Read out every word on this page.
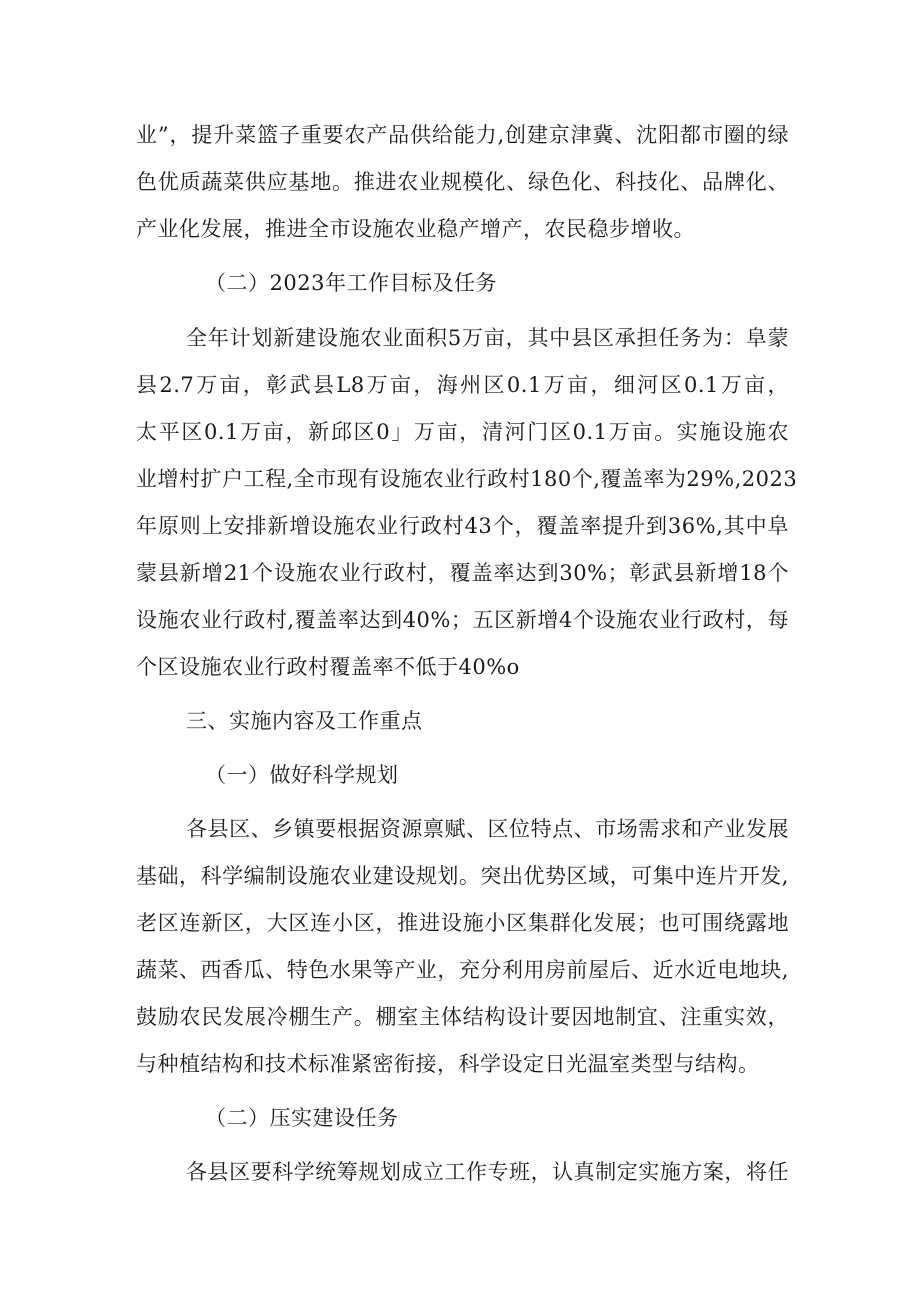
业”，提升菜篮子重要农产品供给能力,创建京津冀、沈阳都市圈的绿
色优质蔬菜供应基地。推进农业规模化、绿色化、科技化、品牌化、
产业化发展，推进全市设施农业稳产增产，农民稳步增收。
（二）2023年工作目标及任务
全年计划新建设施农业面积5万亩，其中县区承担任务为：阜蒙
县2.7万亩，彰武县L8万亩，海州区0.1万亩，细河区0.1万亩，
太平区0.1万亩，新邱区0」万亩，清河门区0.1万亩。实施设施农
业增村扩户工程,全市现有设施农业行政村180个,覆盖率为29%,2023
年原则上安排新增设施农业行政村43个，覆盖率提升到36%,其中阜
蒙县新增21个设施农业行政村，覆盖率达到30%；彰武县新增18个
设施农业行政村,覆盖率达到40%；五区新增4个设施农业行政村，每
个区设施农业行政村覆盖率不低于40%o
三、实施内容及工作重点
（一）做好科学规划
各县区、乡镇要根据资源禀赋、区位特点、市场需求和产业发展
基础，科学编制设施农业建设规划。突出优势区域，可集中连片开发,
老区连新区，大区连小区，推进设施小区集群化发展；也可围绕露地
蔬菜、西香瓜、特色水果等产业，充分利用房前屋后、近水近电地块,
鼓励农民发展冷棚生产。棚室主体结构设计要因地制宜、注重实效，
与种植结构和技术标准紧密衔接，科学设定日光温室类型与结构。
（二）压实建设任务
各县区要科学统筹规划成立工作专班，认真制定实施方案，将任
